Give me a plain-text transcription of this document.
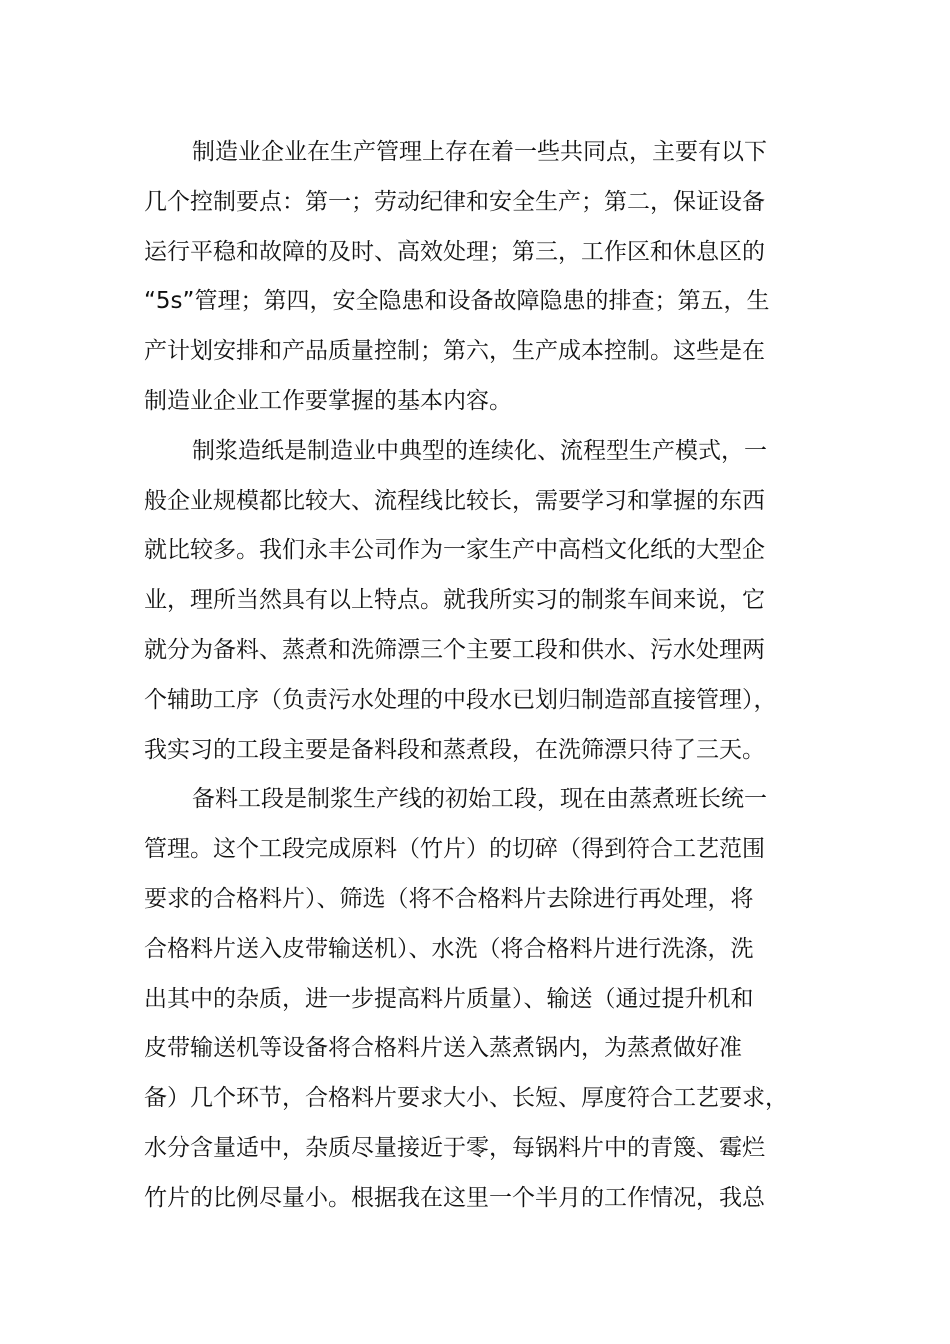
制造业企业在生产管理上存在着一些共同点，主要有以下
几个控制要点：第一；劳动纪律和安全生产；第二，保证设备
运行平稳和故障的及时、高效处理；第三，工作区和休息区的
“5s”管理；第四，安全隐患和设备故障隐患的排查；第五，生
产计划安排和产品质量控制；第六，生产成本控制。这些是在
制造业企业工作要掌握的基本内容。
制浆造纸是制造业中典型的连续化、流程型生产模式，一
般企业规模都比较大、流程线比较长，需要学习和掌握的东西
就比较多。我们永丰公司作为一家生产中高档文化纸的大型企
业，理所当然具有以上特点。就我所实习的制浆车间来说，它
就分为备料、蒸煮和洗筛漂三个主要工段和供水、污水处理两
个辅助工序（负责污水处理的中段水已划归制造部直接管理），
我实习的工段主要是备料段和蒸煮段，在洗筛漂只待了三天。
备料工段是制浆生产线的初始工段，现在由蒸煮班长统一
管理。这个工段完成原料（竹片）的切碎（得到符合工艺范围
要求的合格料片）、筛选（将不合格料片去除进行再处理，将
合格料片送入皮带输送机）、水洗（将合格料片进行洗涤，洗
出其中的杂质，进一步提高料片质量）、输送（通过提升机和
皮带输送机等设备将合格料片送入蒸煮锅内，为蒸煮做好准
备）几个环节，合格料片要求大小、长短、厚度符合工艺要求，
水分含量适中，杂质尽量接近于零，每锅料片中的青篾、霉烂
竹片的比例尽量小。根据我在这里一个半月的工作情况，我总
